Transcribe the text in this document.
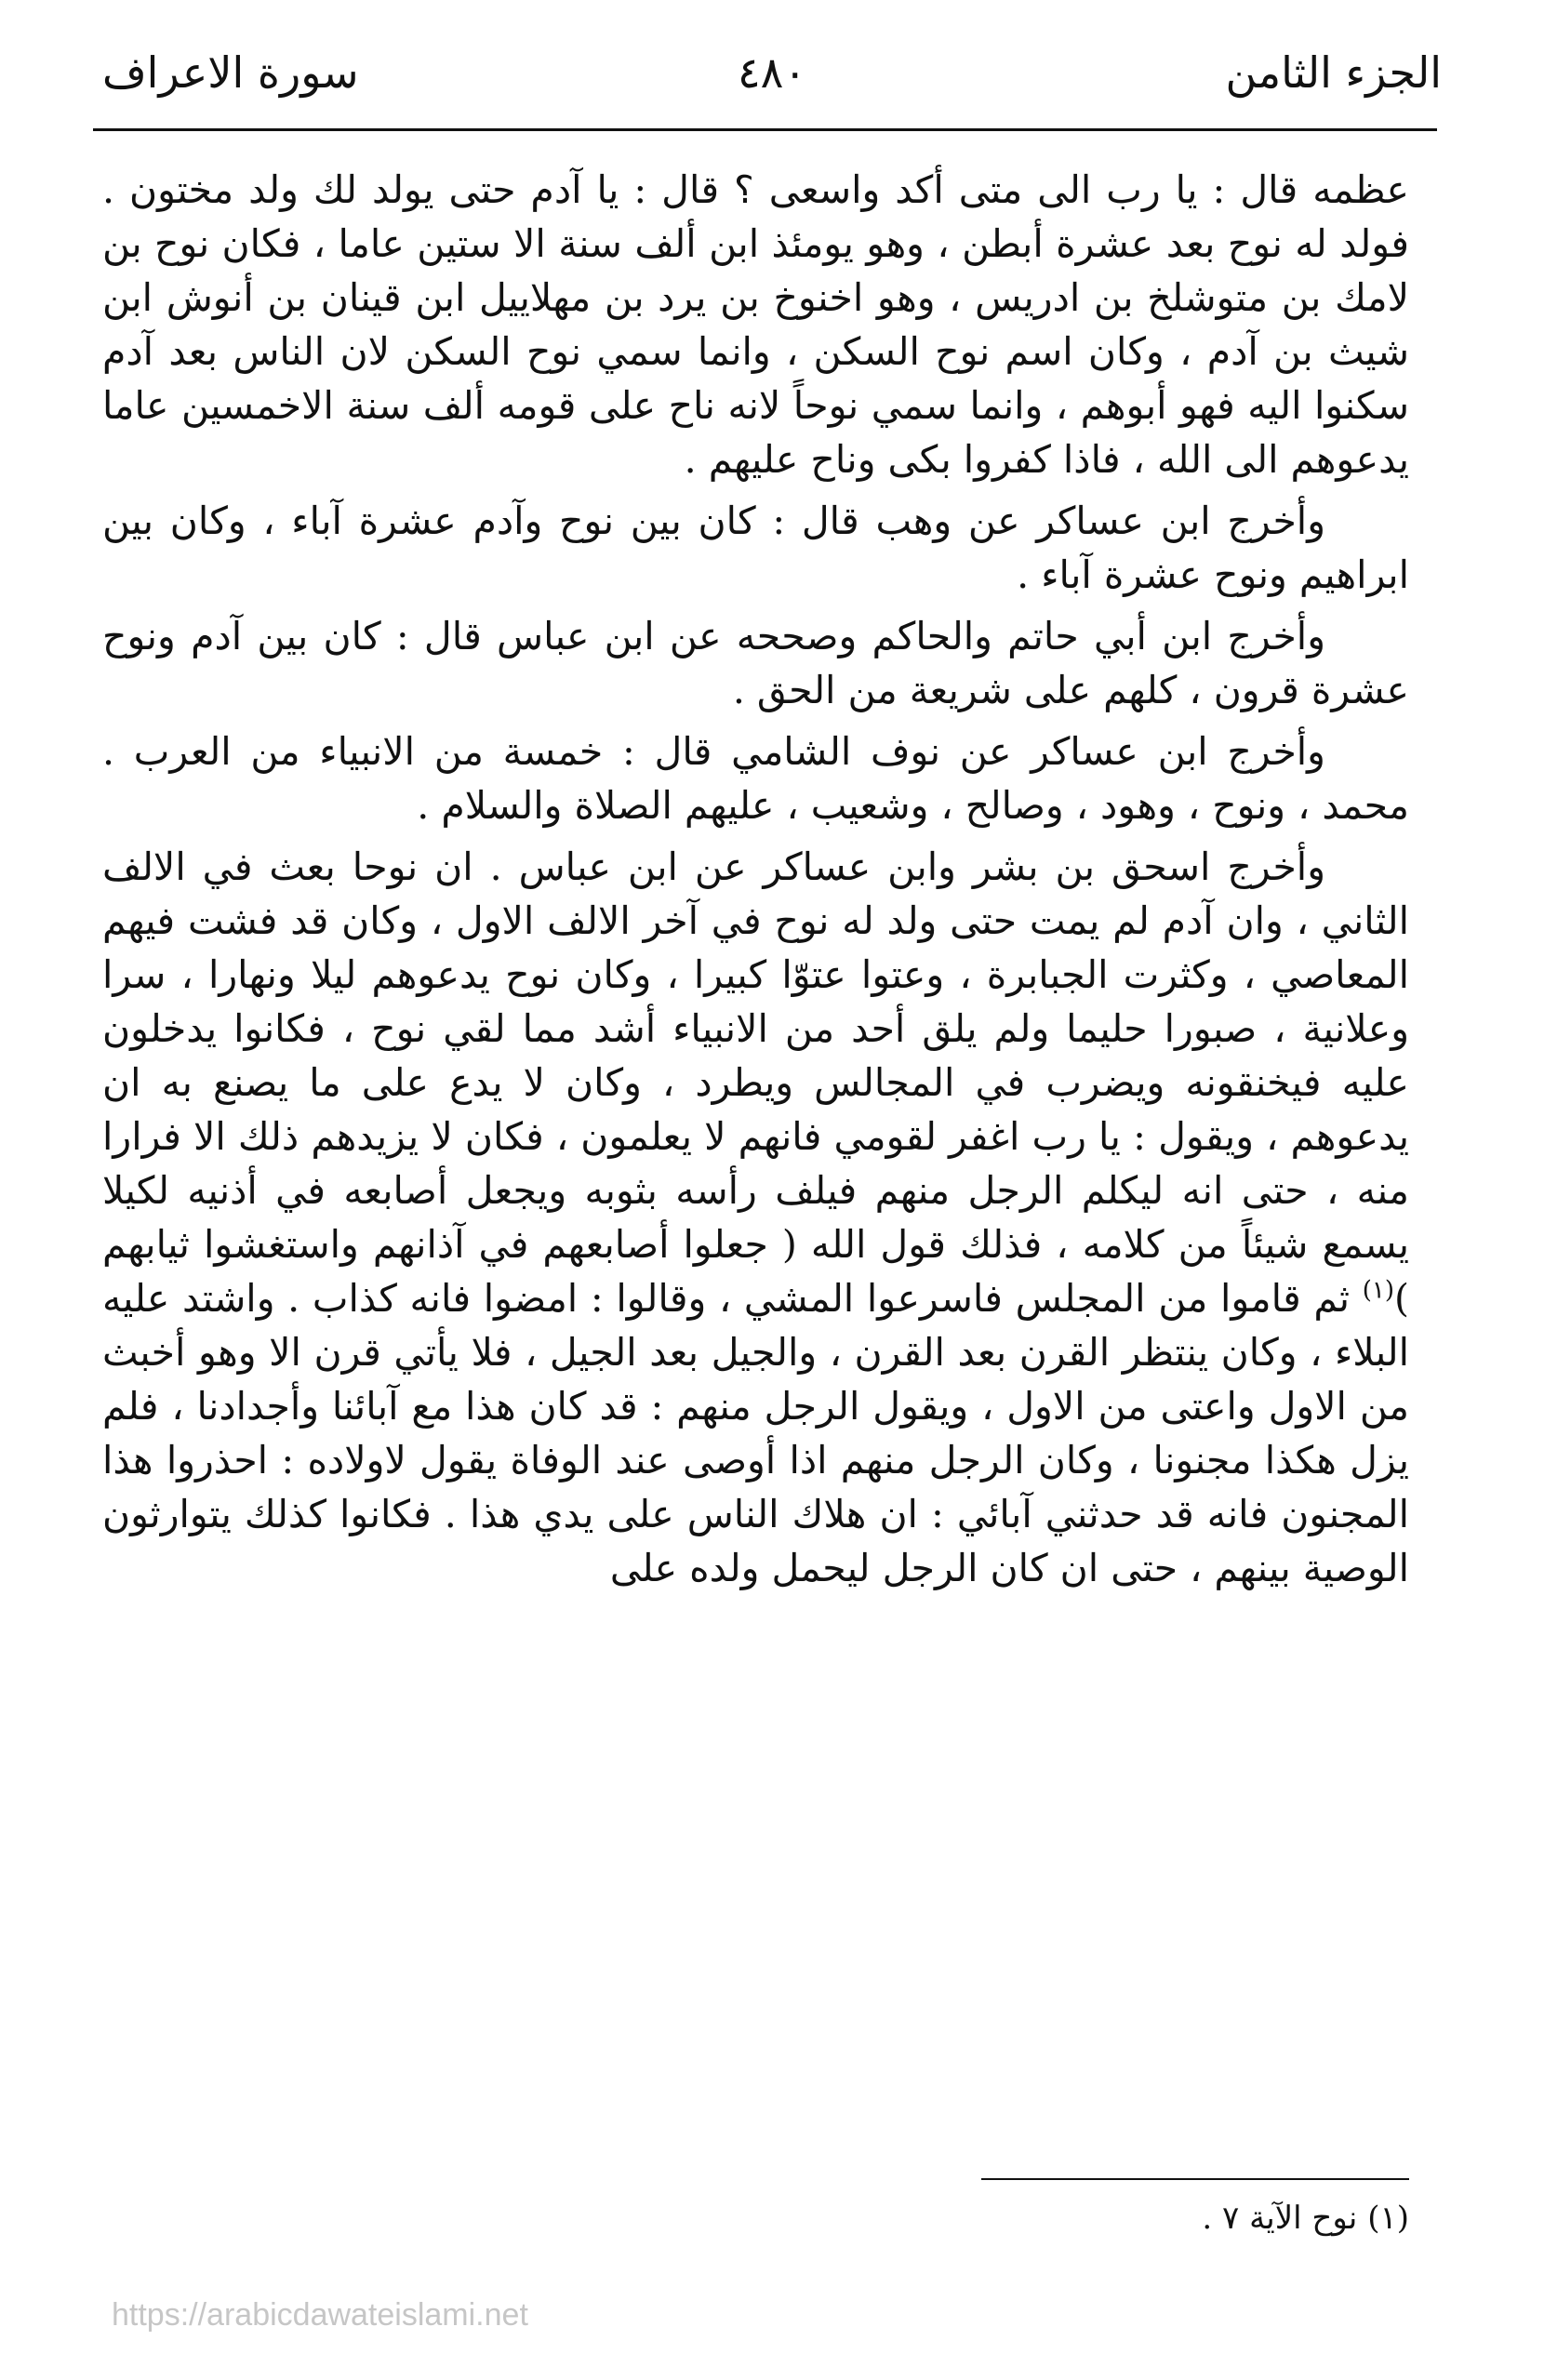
الجزء الثامن
٤٨٠
سورة الاعراف

عظمه قال : يا رب الى متى أكد واسعى ؟ قال : يا آدم حتى يولد لك ولد مختون . فولد له نوح بعد عشرة أبطن ، وهو يومئذ ابن ألف سنة الا ستين عاما ، فكان نوح بن لامك بن متوشلخ بن ادريس ، وهو اخنوخ بن يرد بن مهلاييل ابن قينان بن أنوش ابن شيث بن آدم ، وكان اسم نوح السكن ، وانما سمي نوح السكن لان الناس بعد آدم سكنوا اليه فهو أبوهم ، وانما سمي نوحاً لانه ناح على قومه ألف سنة الاخمسين عاما يدعوهم الى الله ، فاذا كفروا بكى وناح عليهم .

وأخرج ابن عساكر عن وهب قال : كان بين نوح وآدم عشرة آباء ، وكان بين ابراهيم ونوح عشرة آباء .

وأخرج ابن أبي حاتم والحاكم وصححه عن ابن عباس قال : كان بين آدم ونوح عشرة قرون ، كلهم على شريعة من الحق .

وأخرج ابن عساكر عن نوف الشامي قال : خمسة من الانبياء من العرب . محمد ، ونوح ، وهود ، وصالح ، وشعيب ، عليهم الصلاة والسلام .

وأخرج اسحق بن بشر وابن عساكر عن ابن عباس . ان نوحا بعث في الالف الثاني ، وان آدم لم يمت حتى ولد له نوح في آخر الالف الاول ، وكان قد فشت فيهم المعاصي ، وكثرت الجبابرة ، وعتوا عتوّا كبيرا ، وكان نوح يدعوهم ليلا ونهارا ، سرا وعلانية ، صبورا حليما ولم يلق أحد من الانبياء أشد مما لقي نوح ، فكانوا يدخلون عليه فيخنقونه ويضرب في المجالس ويطرد ، وكان لا يدع على ما يصنع به ان يدعوهم ، ويقول : يا رب اغفر لقومي فانهم لا يعلمون ، فكان لا يزيدهم ذلك الا فرارا منه ، حتى انه ليكلم الرجل منهم فيلف رأسه بثوبه ويجعل أصابعه في أذنيه لكيلا يسمع شيئاً من كلامه ، فذلك قول الله ( جعلوا أصابعهم في آذانهم واستغشوا ثيابهم )$^{(١)}$ ثم قاموا من المجلس فاسرعوا المشي ، وقالوا : امضوا فانه كذاب . واشتد عليه البلاء ، وكان ينتظر القرن بعد القرن ، والجيل بعد الجيل ، فلا يأتي قرن الا وهو أخبث من الاول واعتى من الاول ، ويقول الرجل منهم : قد كان هذا مع آبائنا وأجدادنا ، فلم يزل هكذا مجنونا ، وكان الرجل منهم اذا أوصى عند الوفاة يقول لاولاده : احذروا هذا المجنون فانه قد حدثني آبائي : ان هلاك الناس على يدي هذا . فكانوا كذلك يتوارثون الوصية بينهم ، حتى ان كان الرجل ليحمل ولده على

(١) نوح الآية ٧ .
https://arabicdawateislami.net
